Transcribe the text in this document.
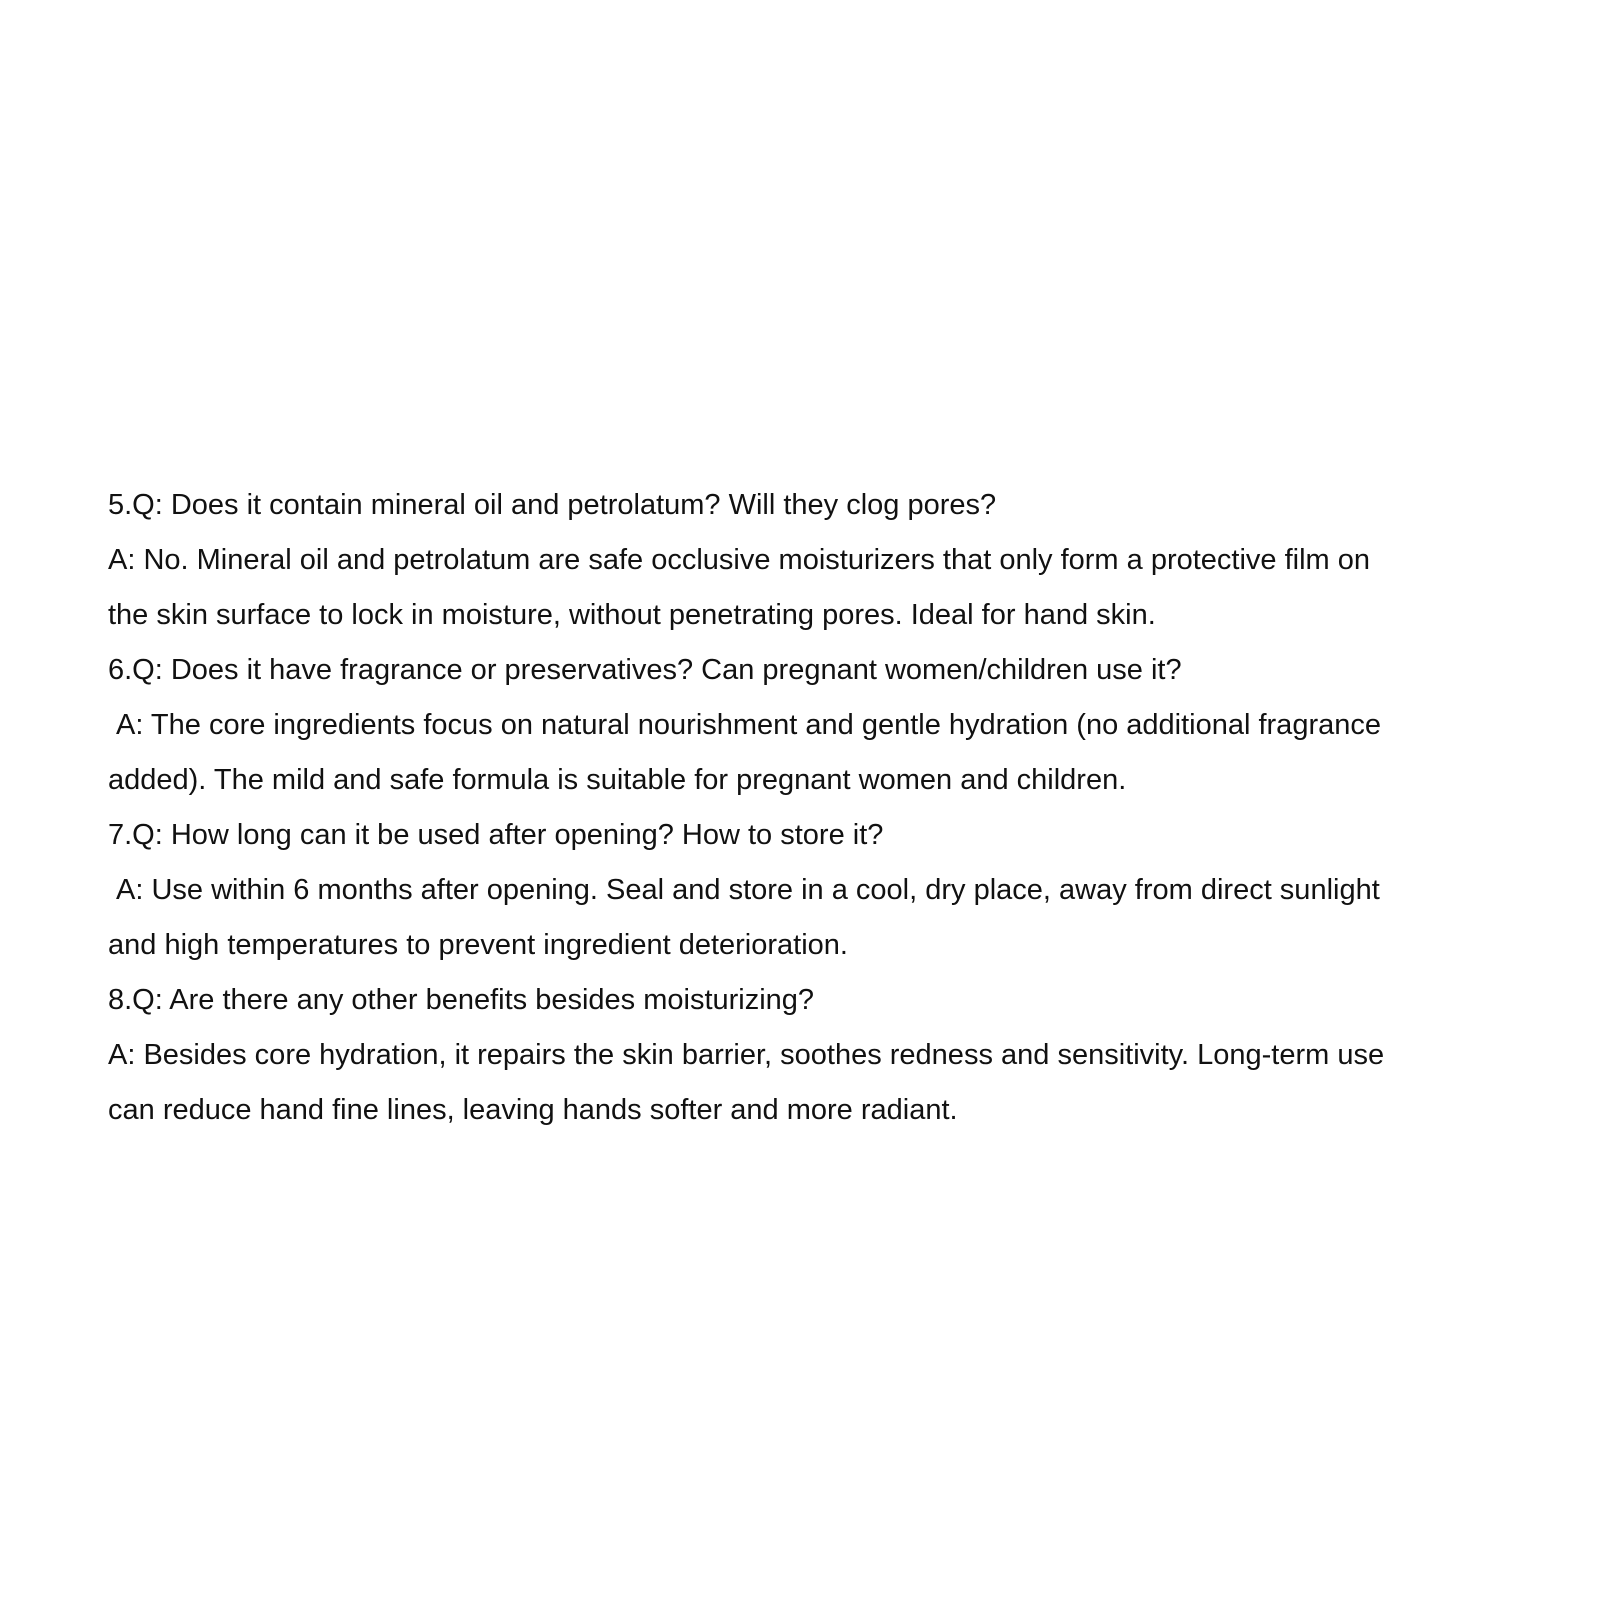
5.Q: Does it contain mineral oil and petrolatum? Will they clog pores?

A: No. Mineral oil and petrolatum are safe occlusive moisturizers that only form a protective film on

the skin surface to lock in moisture, without penetrating pores. Ideal for hand skin.

6.Q: Does it have fragrance or preservatives? Can pregnant women/children use it?

A: The core ingredients focus on natural nourishment and gentle hydration (no additional fragrance

added). The mild and safe formula is suitable for pregnant women and children.

7.Q: How long can it be used after opening? How to store it?

A: Use within 6 months after opening. Seal and store in a cool, dry place, away from direct sunlight

and high temperatures to prevent ingredient deterioration.

8.Q: Are there any other benefits besides moisturizing?

A: Besides core hydration, it repairs the skin barrier, soothes redness and sensitivity. Long-term use

can reduce hand fine lines, leaving hands softer and more radiant.
